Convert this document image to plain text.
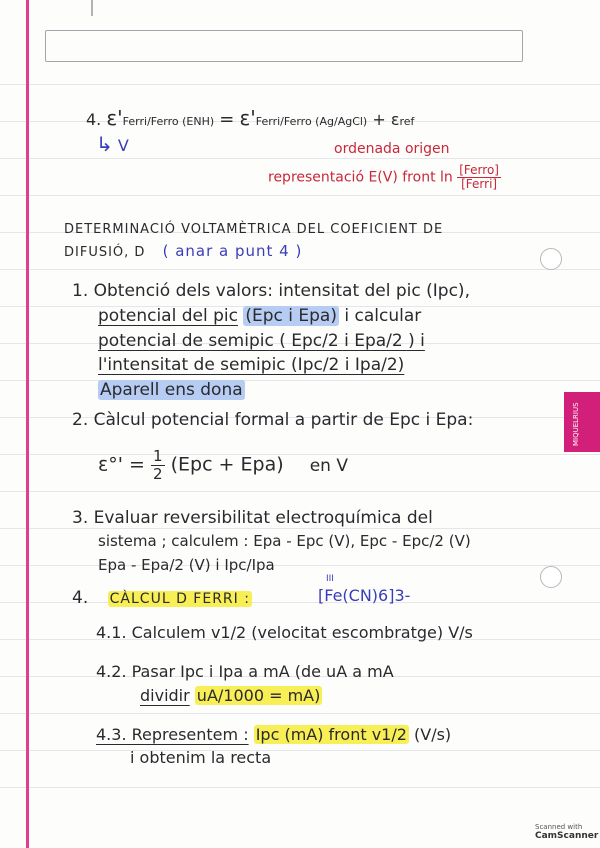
4. ε'Ferri/Ferro (ENH) = ε'Ferri/Ferro (Ag/AgCl) + εref
↳ V	ordenada origen
representació E(V) front $\ln \frac{\text{[Ferro]}}{\text{[Ferri]}}$
DETERMINACIÓ VOLTAMÈTRICA DEL COEFICIENT DE
DIFUSIÓ, D ( anar a punt 4 )
1. Obtenció dels valors: intensitat del pic (Ipc),
potencial del pic (Epc i Epa) i calcular
potencial de semipic ( Epc/2 i Epa/2 ) i
l'intensitat de semipic (Ipc/2 i Ipa/2)
Aparell ens dona
2. Càlcul potencial formal a partir de Epc i Epa:
$\varepsilon^\circ' = \frac{1}{2} (Epc + Epa)$ en V
3. Evaluar reversibilitat electroquímica del
sistema ; calculem : Epa - Epc (V), Epc - Epc/2 (V)
Epa - Epa/2 (V) i Ipc/Ipa
4. CÀLCUL D FERRI :
III
[Fe(CN)6]3-
4.1. Calculem v1/2 (velocitat escombratge) V/s
4.2. Pasar Ipc i Ipa a mA (de uA a mA
dividir uA/1000 = mA)
4.3. Representem : Ipc (mA) front v1/2 (V/s)
i obtenim la recta
MIQUELRIUS
Scanned with
CamScanner
